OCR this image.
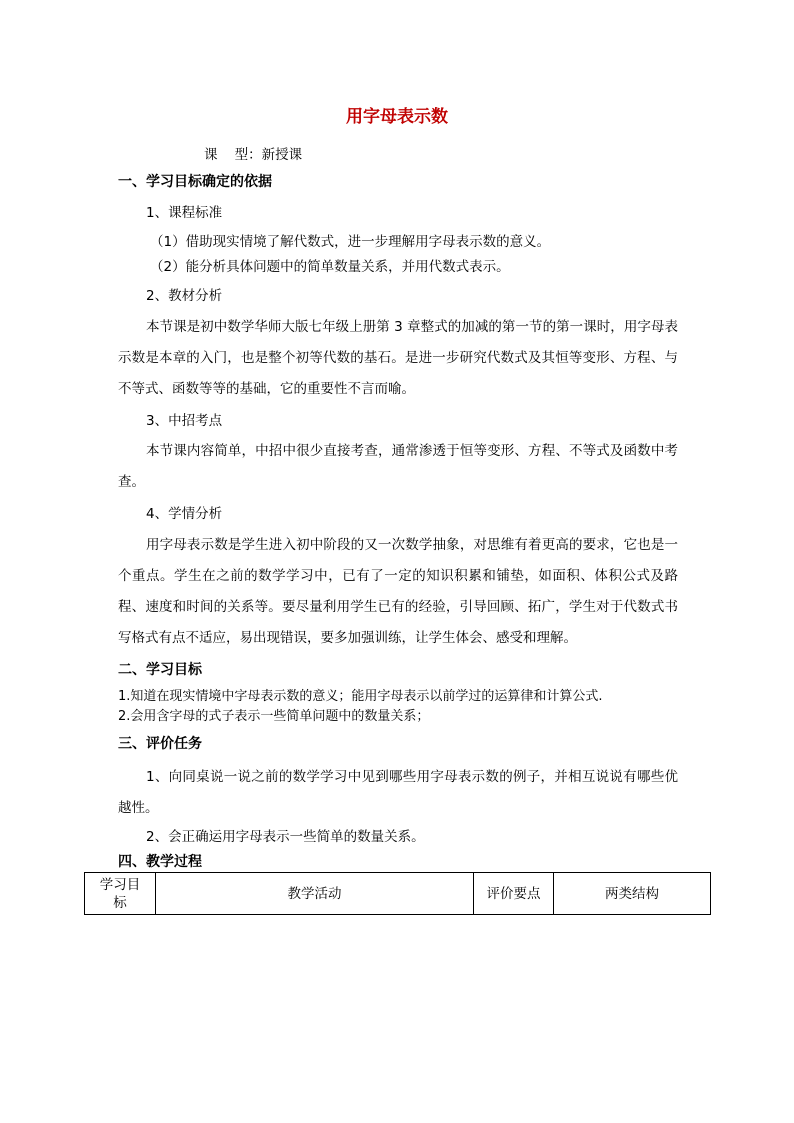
用字母表示数
课    型：新授课
一、学习目标确定的依据
1、课程标准
（1）借助现实情境了解代数式，进一步理解用字母表示数的意义。
（2）能分析具体问题中的简单数量关系，并用代数式表示。
2、教材分析
本节课是初中数学华师大版七年级上册第 3 章整式的加减的第一节的第一课时，用字母表示数是本章的入门，也是整个初等代数的基石。是进一步研究代数式及其恒等变形、方程、与不等式、函数等等的基础，它的重要性不言而喻。
3、中招考点
本节课内容简单，中招中很少直接考查，通常渗透于恒等变形、方程、不等式及函数中考查。
4、学情分析
用字母表示数是学生进入初中阶段的又一次数学抽象，对思维有着更高的要求，它也是一个重点。学生在之前的数学学习中，已有了一定的知识积累和铺垫，如面积、体积公式及路程、速度和时间的关系等。要尽量利用学生已有的经验，引导回顾、拓广，学生对于代数式书写格式有点不适应，易出现错误，要多加强训练，让学生体会、感受和理解。
二、学习目标
1.知道在现实情境中字母表示数的意义；能用字母表示以前学过的运算律和计算公式.
2.会用含字母的式子表示一些简单问题中的数量关系；
三、评价任务
1、向同桌说一说之前的数学学习中见到哪些用字母表示数的例子，并相互说说有哪些优越性。
2、会正确运用字母表示一些简单的数量关系。
四、教学过程
学习目标	教学活动	评价要点	两类结构
